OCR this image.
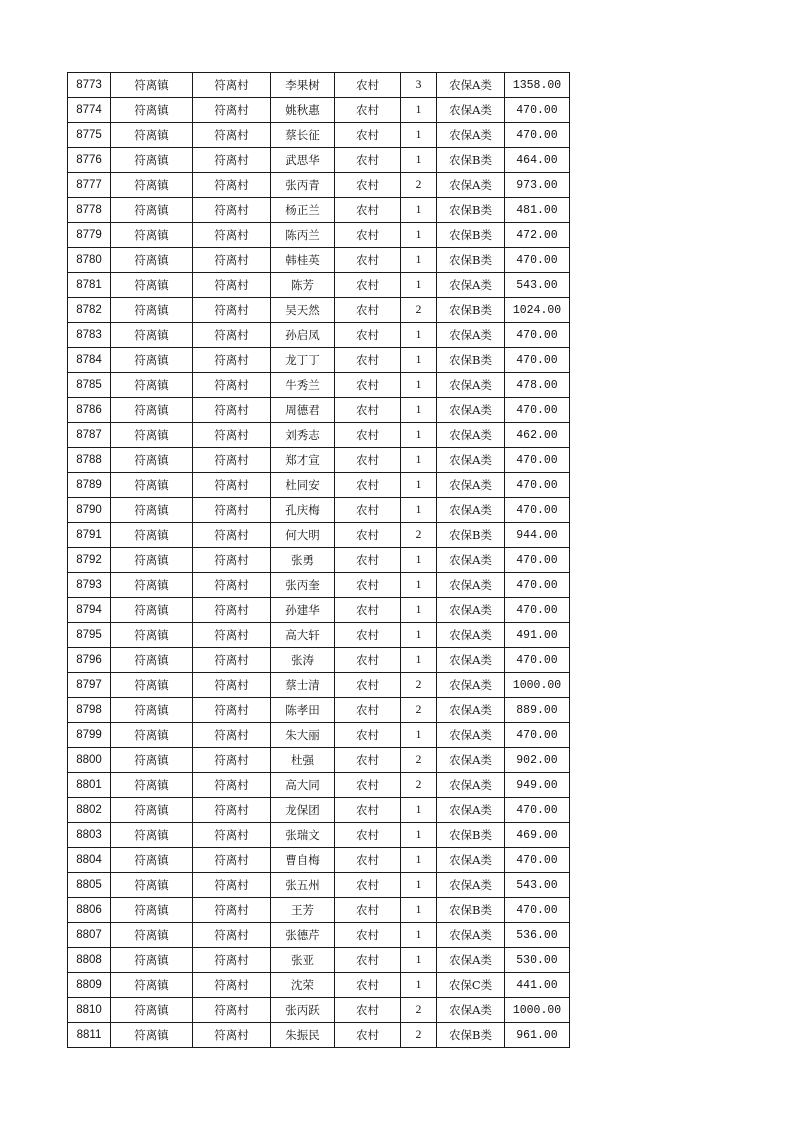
8773	符离镇	符离村	李果树	农村	3	农保A类	1358.00
8774	符离镇	符离村	姚秋惠	农村	1	农保A类	470.00
8775	符离镇	符离村	蔡长征	农村	1	农保A类	470.00
8776	符离镇	符离村	武思华	农村	1	农保B类	464.00
8777	符离镇	符离村	张丙青	农村	2	农保A类	973.00
8778	符离镇	符离村	杨正兰	农村	1	农保B类	481.00
8779	符离镇	符离村	陈丙兰	农村	1	农保B类	472.00
8780	符离镇	符离村	韩桂英	农村	1	农保B类	470.00
8781	符离镇	符离村	陈芳	农村	1	农保A类	543.00
8782	符离镇	符离村	吴天然	农村	2	农保B类	1024.00
8783	符离镇	符离村	孙启凤	农村	1	农保A类	470.00
8784	符离镇	符离村	龙丁丁	农村	1	农保B类	470.00
8785	符离镇	符离村	牛秀兰	农村	1	农保A类	478.00
8786	符离镇	符离村	周德君	农村	1	农保A类	470.00
8787	符离镇	符离村	刘秀志	农村	1	农保A类	462.00
8788	符离镇	符离村	郑才宣	农村	1	农保A类	470.00
8789	符离镇	符离村	杜同安	农村	1	农保A类	470.00
8790	符离镇	符离村	孔庆梅	农村	1	农保A类	470.00
8791	符离镇	符离村	何大明	农村	2	农保B类	944.00
8792	符离镇	符离村	张勇	农村	1	农保A类	470.00
8793	符离镇	符离村	张丙奎	农村	1	农保A类	470.00
8794	符离镇	符离村	孙建华	农村	1	农保A类	470.00
8795	符离镇	符离村	高大轩	农村	1	农保A类	491.00
8796	符离镇	符离村	张涛	农村	1	农保A类	470.00
8797	符离镇	符离村	蔡士清	农村	2	农保A类	1000.00
8798	符离镇	符离村	陈孝田	农村	2	农保A类	889.00
8799	符离镇	符离村	朱大丽	农村	1	农保A类	470.00
8800	符离镇	符离村	杜强	农村	2	农保A类	902.00
8801	符离镇	符离村	高大同	农村	2	农保A类	949.00
8802	符离镇	符离村	龙保团	农村	1	农保A类	470.00
8803	符离镇	符离村	张瑞文	农村	1	农保B类	469.00
8804	符离镇	符离村	曹自梅	农村	1	农保A类	470.00
8805	符离镇	符离村	张五州	农村	1	农保A类	543.00
8806	符离镇	符离村	王芳	农村	1	农保B类	470.00
8807	符离镇	符离村	张德芹	农村	1	农保A类	536.00
8808	符离镇	符离村	张亚	农村	1	农保A类	530.00
8809	符离镇	符离村	沈荣	农村	1	农保C类	441.00
8810	符离镇	符离村	张丙跃	农村	2	农保A类	1000.00
8811	符离镇	符离村	朱振民	农村	2	农保B类	961.00
